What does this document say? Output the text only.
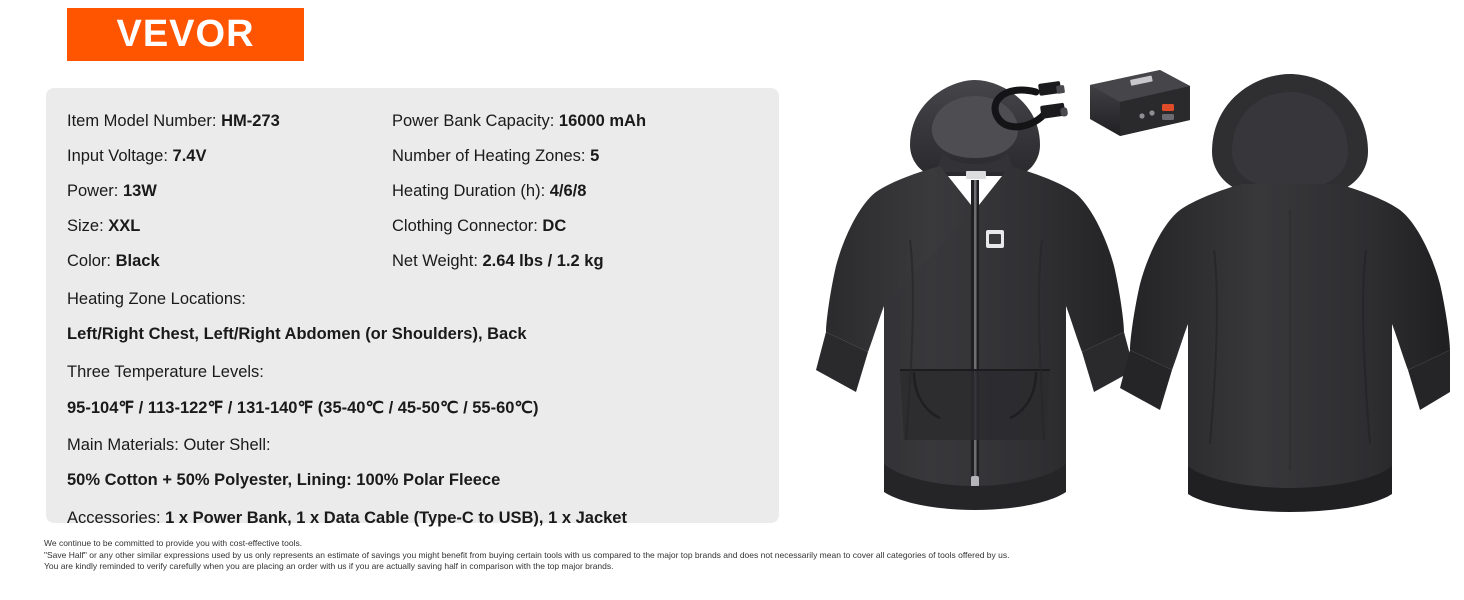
VEVOR
Item Model Number: HM-273	Power Bank Capacity: 16000 mAh
Input Voltage: 7.4V	Number of Heating Zones: 5
Power: 13W	Heating Duration (h): 4/6/8
Size: XXL	Clothing Connector: DC
Color: Black	Net Weight: 2.64 lbs / 1.2 kg
Heating Zone Locations:
Left/Right Chest, Left/Right Abdomen (or Shoulders), Back
Three Temperature Levels:
95-104℉ / 113-122℉ / 131-140℉ (35-40℃ / 45-50℃ / 55-60℃)
Main Materials: Outer Shell:
50% Cotton + 50% Polyester, Lining: 100% Polar Fleece
Accessories:
1 x Power Bank, 1 x Data Cable (Type-C to USB), 1 x Jacket
We continue to be committed to provide you with cost-effective tools.
"Save Half" or any other similar expressions used by us only represents an estimate of savings you might benefit from buying certain tools with us compared to the major top brands and does not necessarily mean to cover all categories of tools offered by us.
You are kindly reminded to verify carefully when you are placing an order with us if you are actually saving half in comparison with the top major brands.
